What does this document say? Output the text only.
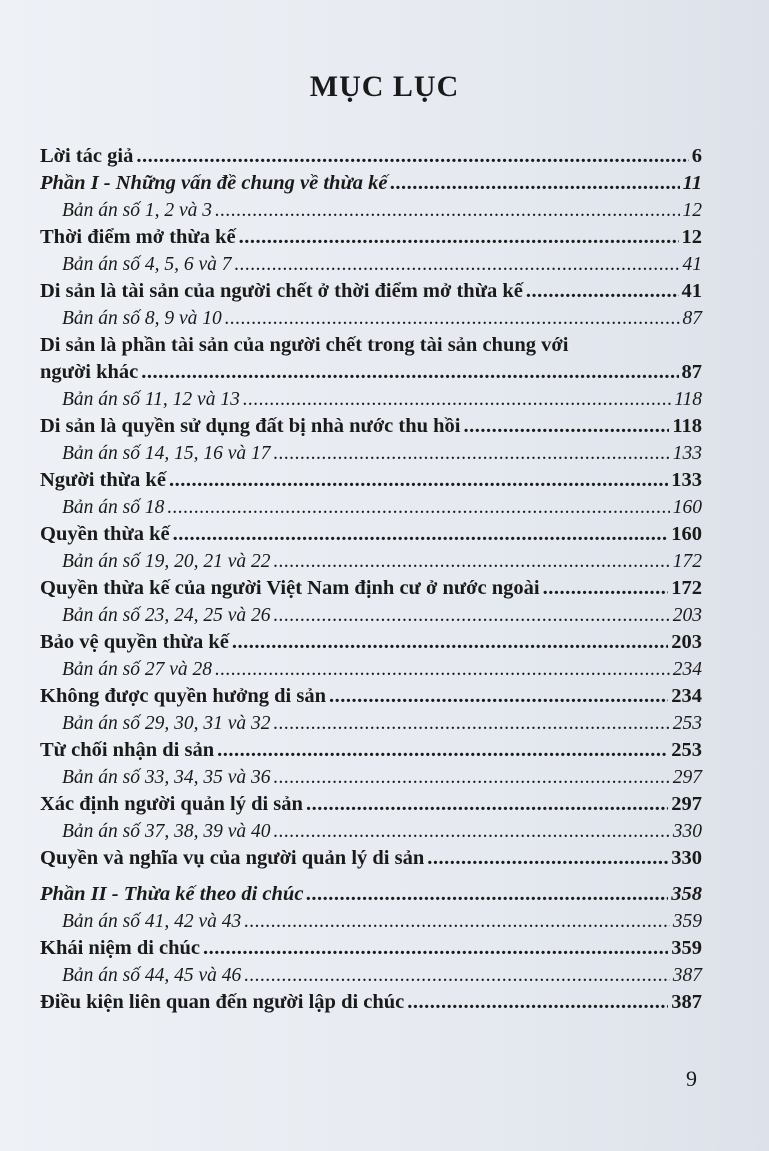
MỤC LỤC
Lời tác giả .....	6
Phần I - Những vấn đề chung về thừa kế .....	11
Bản án số 1, 2 và 3 .....	12
Thời điểm mở thừa kế .....	12
Bản án số 4, 5, 6 và 7 .....	41
Di sản là tài sản của người chết ở thời điểm mở thừa kế .....	41
Bản án số 8, 9 và 10 .....	87
Di sản là phần tài sản của người chết trong tài sản chung với
người khác .....	87
Bản án số 11, 12 và 13 .....	118
Di sản là quyền sử dụng đất bị nhà nước thu hồi .....	118
Bản án số 14, 15, 16 và 17 .....	133
Người thừa kế .....	133
Bản án số 18 .....	160
Quyền thừa kế .....	160
Bản án số 19, 20, 21 và 22 .....	172
Quyền thừa kế của người Việt Nam định cư ở nước ngoài .....	172
Bản án số 23, 24, 25 và 26 .....	203
Bảo vệ quyền thừa kế .....	203
Bản án số 27 và 28 .....	234
Không được quyền hưởng di sản .....	234
Bản án số 29, 30, 31 và 32 .....	253
Từ chối nhận di sản .....	253
Bản án số 33, 34, 35 và 36 .....	297
Xác định người quản lý di sản .....	297
Bản án số 37, 38, 39 và 40 .....	330
Quyền và nghĩa vụ của người quản lý di sản .....	330
Phần II - Thừa kế theo di chúc .....	358
Bản án số 41, 42 và 43 .....	359
Khái niệm di chúc .....	359
Bản án số 44, 45 và 46 .....	387
Điều kiện liên quan đến người lập di chúc .....	387
9
